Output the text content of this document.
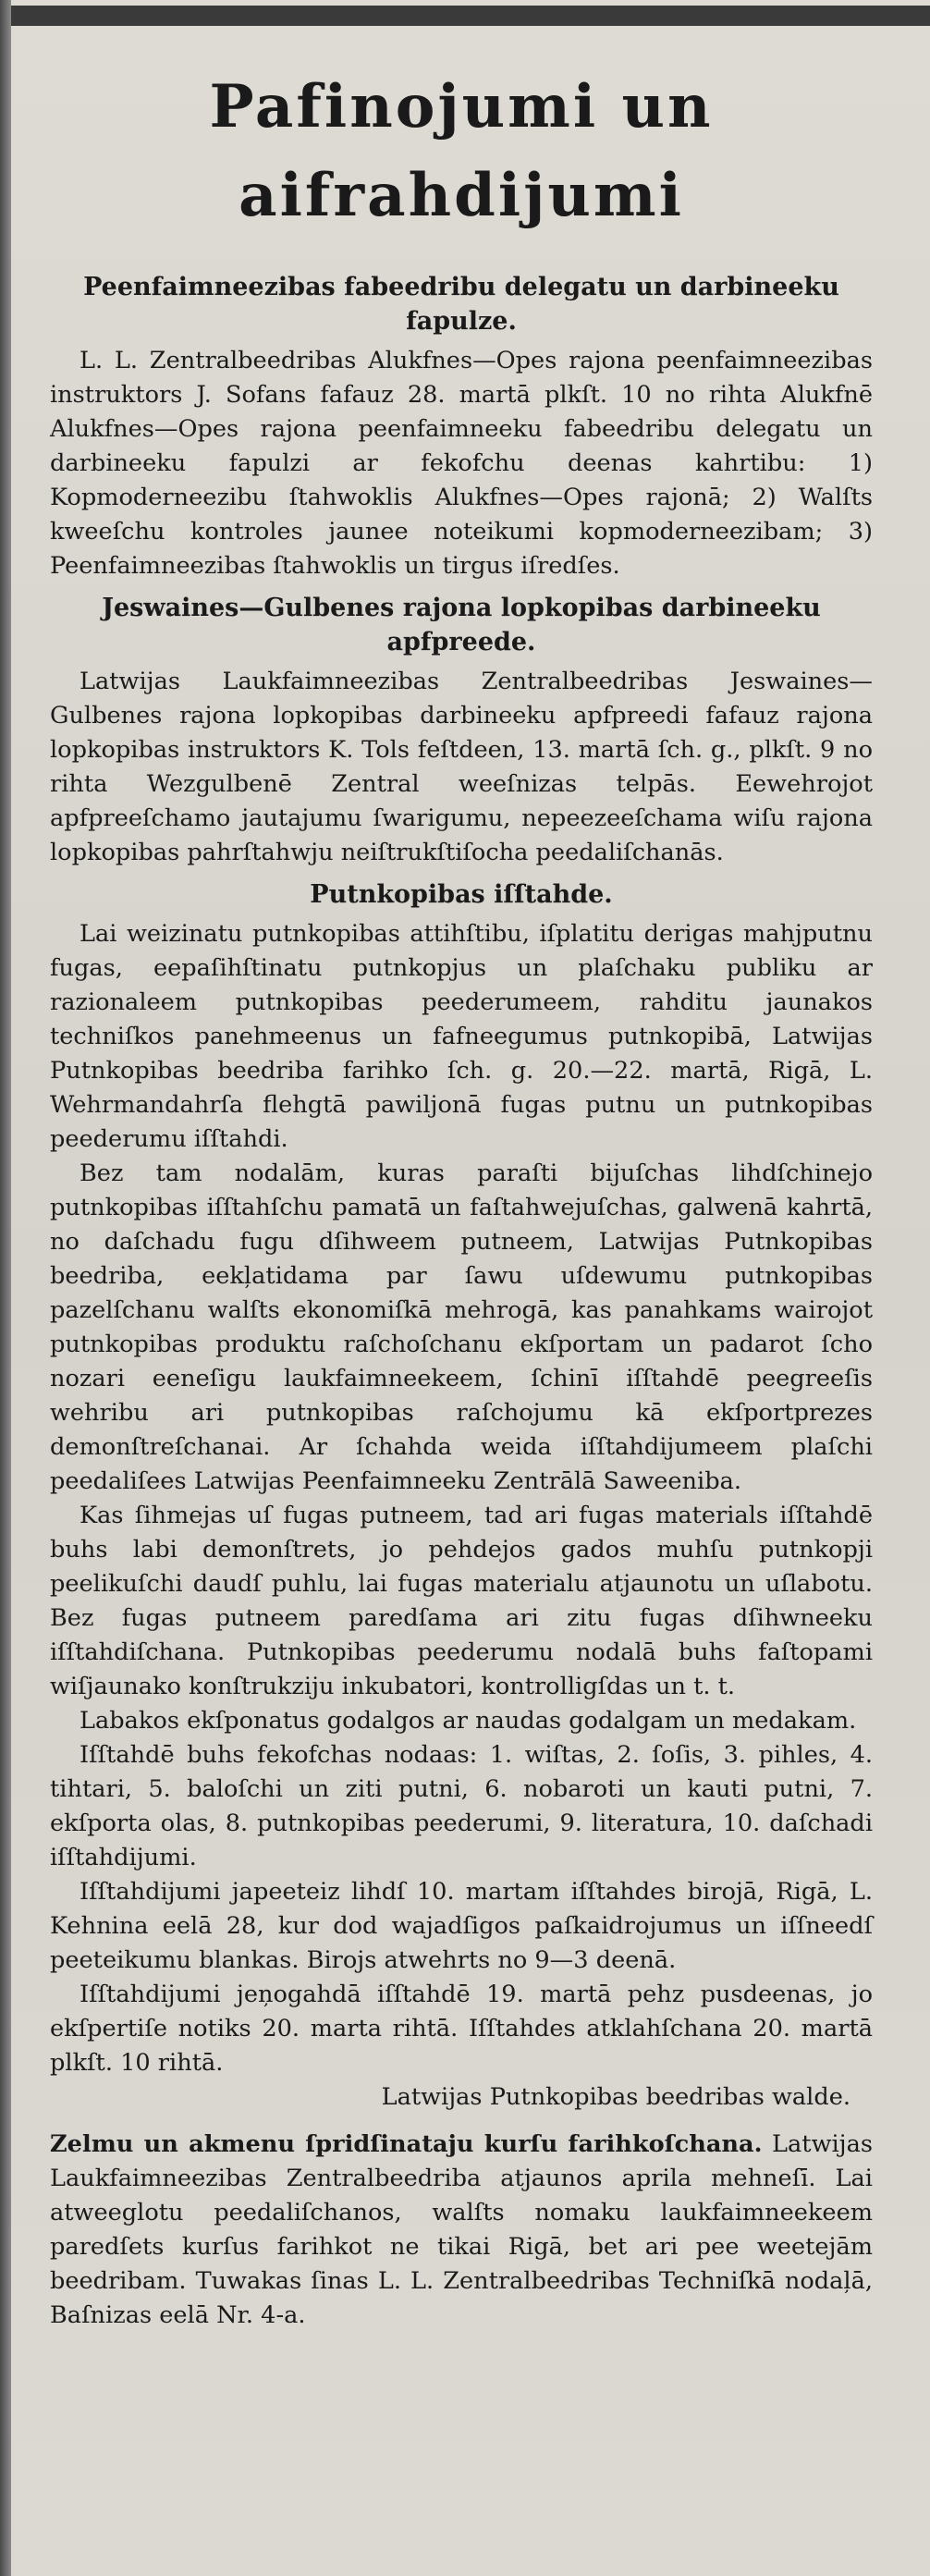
Pafinojumi un aifrahdijumi
Peenfaimneezibas fabeedribu delegatu un darbineeku fapulze.

L. L. Zentralbeedribas Alukfnes—Opes rajona peenfaimneezibas instruktors J. Sofans fafauz 28. martā plkſt. 10 no rihta Alukfnē Alukfnes—Opes rajona peenfaimneeku fabeedribu delegatu un darbineeku fapulzi ar fekofchu deenas kahrtibu: 1) Kopmoderneezibu ſtahwoklis Alukfnes—Opes rajonā; 2) Walſts kweeſchu kontroles jaunee noteikumi kopmoderneezibam; 3) Peenfaimneezibas ſtahwoklis un tirgus iſredſes.

Jeswaines—Gulbenes rajona lopkopibas darbineeku apfpreede.

Latwijas Laukfaimneezibas Zentralbeedribas Jeswaines—Gulbenes rajona lopkopibas darbineeku apfpreedi fafauz rajona lopkopibas instruktors K. Tols feſtdeen, 13. martā ſch. g., plkſt. 9 no rihta Wezgulbenē Zentral weeſnizas telpās. Eewehrojot apfpreeſchamo jautajumu ſwarigumu, nepeezeeſchama wiſu rajona lopkopibas pahrſtahwju neiſtrukſtiſocha peedaliſchanās.

Putnkopibas iſſtahde.

Lai weizinatu putnkopibas attihſtibu, iſplatitu derigas mahjputnu fugas, eepaſihſtinatu putnkopjus un plaſchaku publiku ar razionaleem putnkopibas peederumeem, rahditu jaunakos techniſkos panehmeenus un fafneegumus putnkopibā, Latwijas Putnkopibas beedriba farihko ſch. g. 20.—22. martā, Rigā, L. Wehrmandahrſa flehgtā pawiljonā fugas putnu un putnkopibas peederumu iſſtahdi.

Bez tam nodalām, kuras paraſti bijuſchas lihdſchinejo putnkopibas iſſtahſchu pamatā un faſtahwejuſchas, galwenā kahrtā, no daſchadu fugu dſihweem putneem, Latwijas Putnkopibas beedriba, eekļatidama par ſawu uſdewumu putnkopibas pazelſchanu walſts ekonomiſkā mehrogā, kas panahkams wairojot putnkopibas produktu raſchoſchanu ekſportam un padarot ſcho nozari eeneſigu laukfaimneekeem, ſchinī iſſtahdē peegreeſis wehribu ari putnkopibas raſchojumu kā ekſportprezes demonſtreſchanai. Ar ſchahda weida iſſtahdijumeem plaſchi peedaliſees Latwijas Peenfaimneeku Zentrālā Saweeniba.

Kas ſihmejas uſ fugas putneem, tad ari fugas materials iſſtahdē buhs labi demonſtrets, jo pehdejos gados muhſu putnkopji peelikuſchi daudſ puhlu, lai fugas materialu atjaunotu un uſlabotu. Bez fugas putneem paredſama ari zitu fugas dſihwneeku iſſtahdiſchana. Putnkopibas peederumu nodalā buhs faſtopami wiſjaunako konſtrukziju inkubatori, kontrolligſdas un t. t.

Labakos ekſponatus godalgos ar naudas godalgam un medakam.

Iſſtahdē buhs fekofchas nodaas: 1. wiſtas, 2. ſoſis, 3. pihles, 4. tihtari, 5. baloſchi un ziti putni, 6. nobaroti un kauti putni, 7. ekſporta olas, 8. putnkopibas peederumi, 9. literatura, 10. daſchadi iſſtahdijumi.

Iſſtahdijumi japeeteiz lihdſ 10. martam iſſtahdes birojā, Rigā, L. Kehnina eelā 28, kur dod wajadſigos paſkaidrojumus un iſſneedſ peeteikumu blankas. Birojs atwehrts no 9—3 deenā.

Iſſtahdijumi jeņogahdā iſſtahdē 19. martā pehz pusdeenas, jo ekſpertiſe notiks 20. marta rihtā. Iſſtahdes atklahſchana 20. martā plkſt. 10 rihtā.

Latwijas Putnkopibas beedribas walde.

Zelmu un akmenu ſpridſinataju kurſu farihkoſchana. Latwijas Laukfaimneezibas Zentralbeedriba atjaunos aprila mehneſī. Lai atweeglotu peedaliſchanos, walſts nomaku laukfaimneekeem paredſets kurſus farihkot ne tikai Rigā, bet ari pee weetejām beedribam. Tuwakas ſinas L. L. Zentralbeedribas Techniſkā nodaļā, Baſnizas eelā Nr. 4-a.
